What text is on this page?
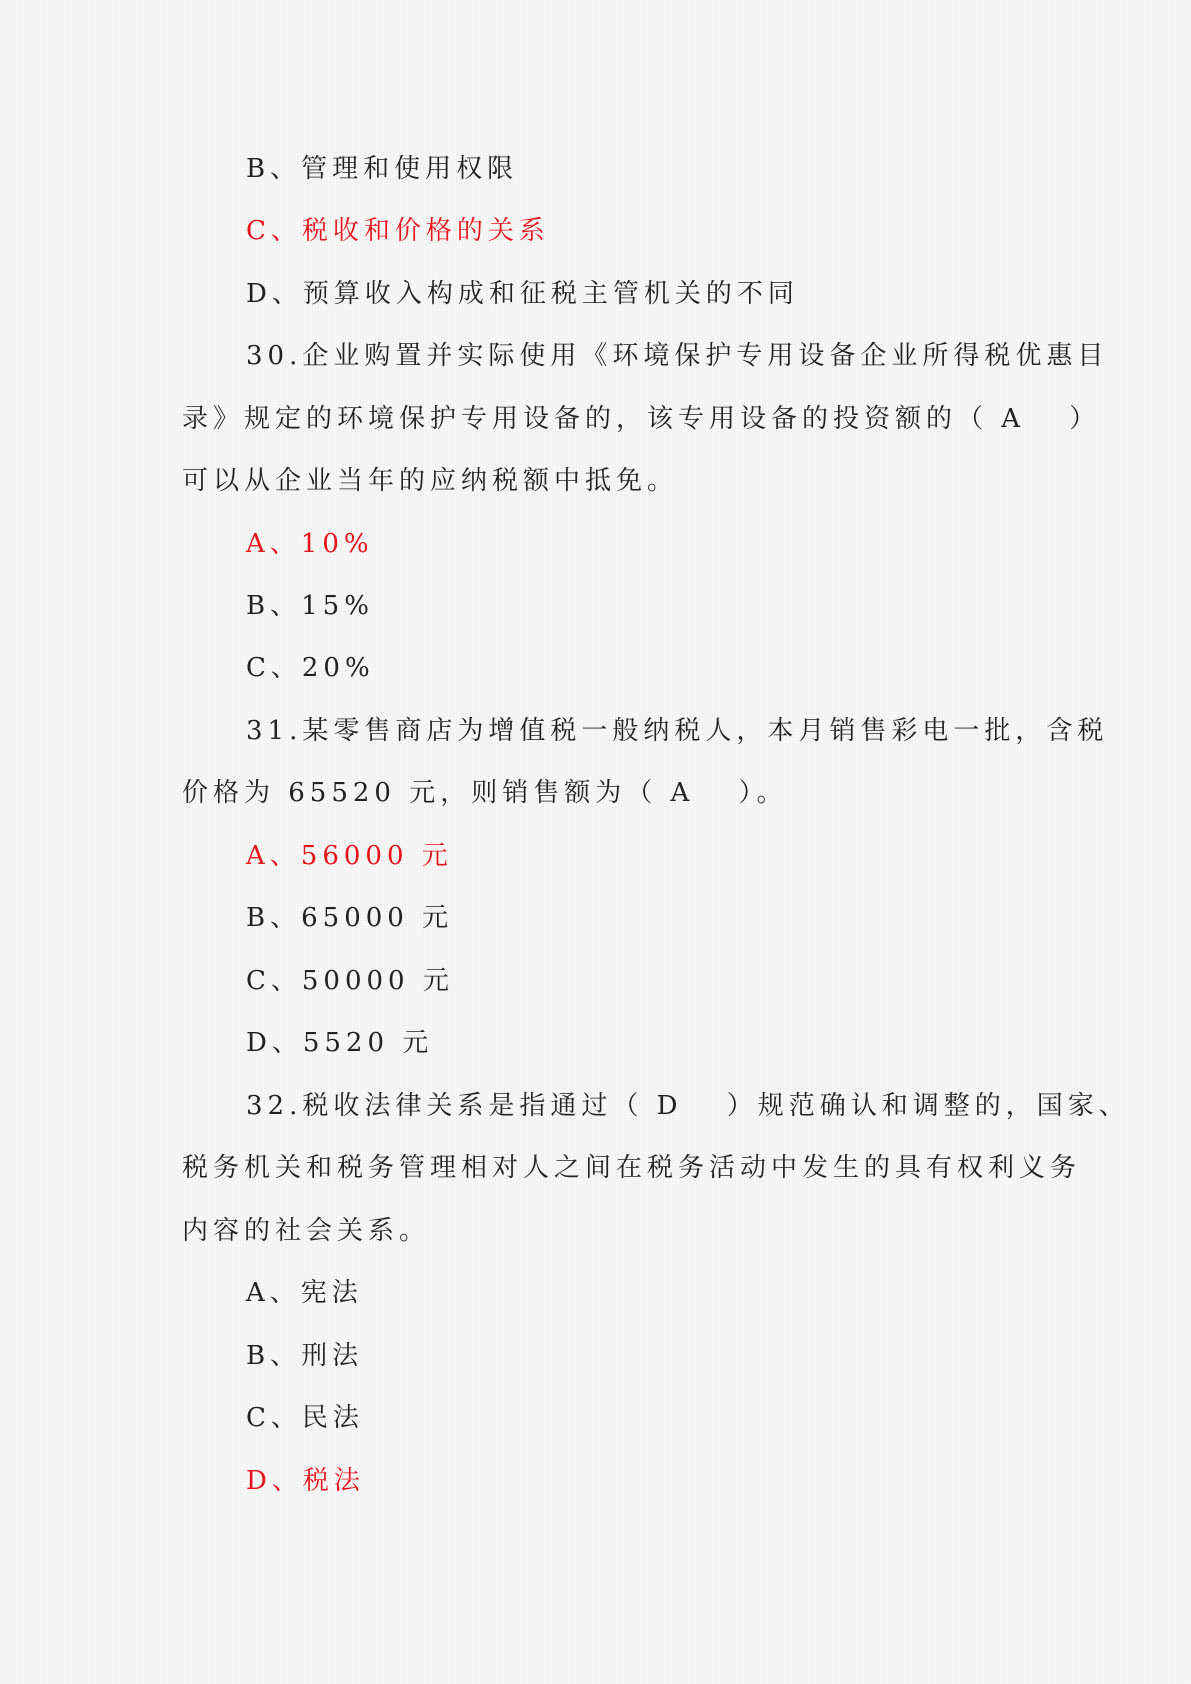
B、管理和使用权限
C、税收和价格的关系
D、预算收入构成和征税主管机关的不同
30.企业购置并实际使用《环境保护专用设备企业所得税优惠目
录》规定的环境保护专用设备的，该专用设备的投资额的（ A　 ）
可以从企业当年的应纳税额中抵免。
A、10%
B、15%
C、20%
31.某零售商店为增值税一般纳税人，本月销售彩电一批，含税
价格为 65520 元，则销售额为（ A　 ）。
A、56000 元
B、65000 元
C、50000 元
D、5520 元
32.税收法律关系是指通过（ D　 ）规范确认和调整的，国家、
税务机关和税务管理相对人之间在税务活动中发生的具有权利义务
内容的社会关系。
A、宪法
B、刑法
C、民法
D、税法
